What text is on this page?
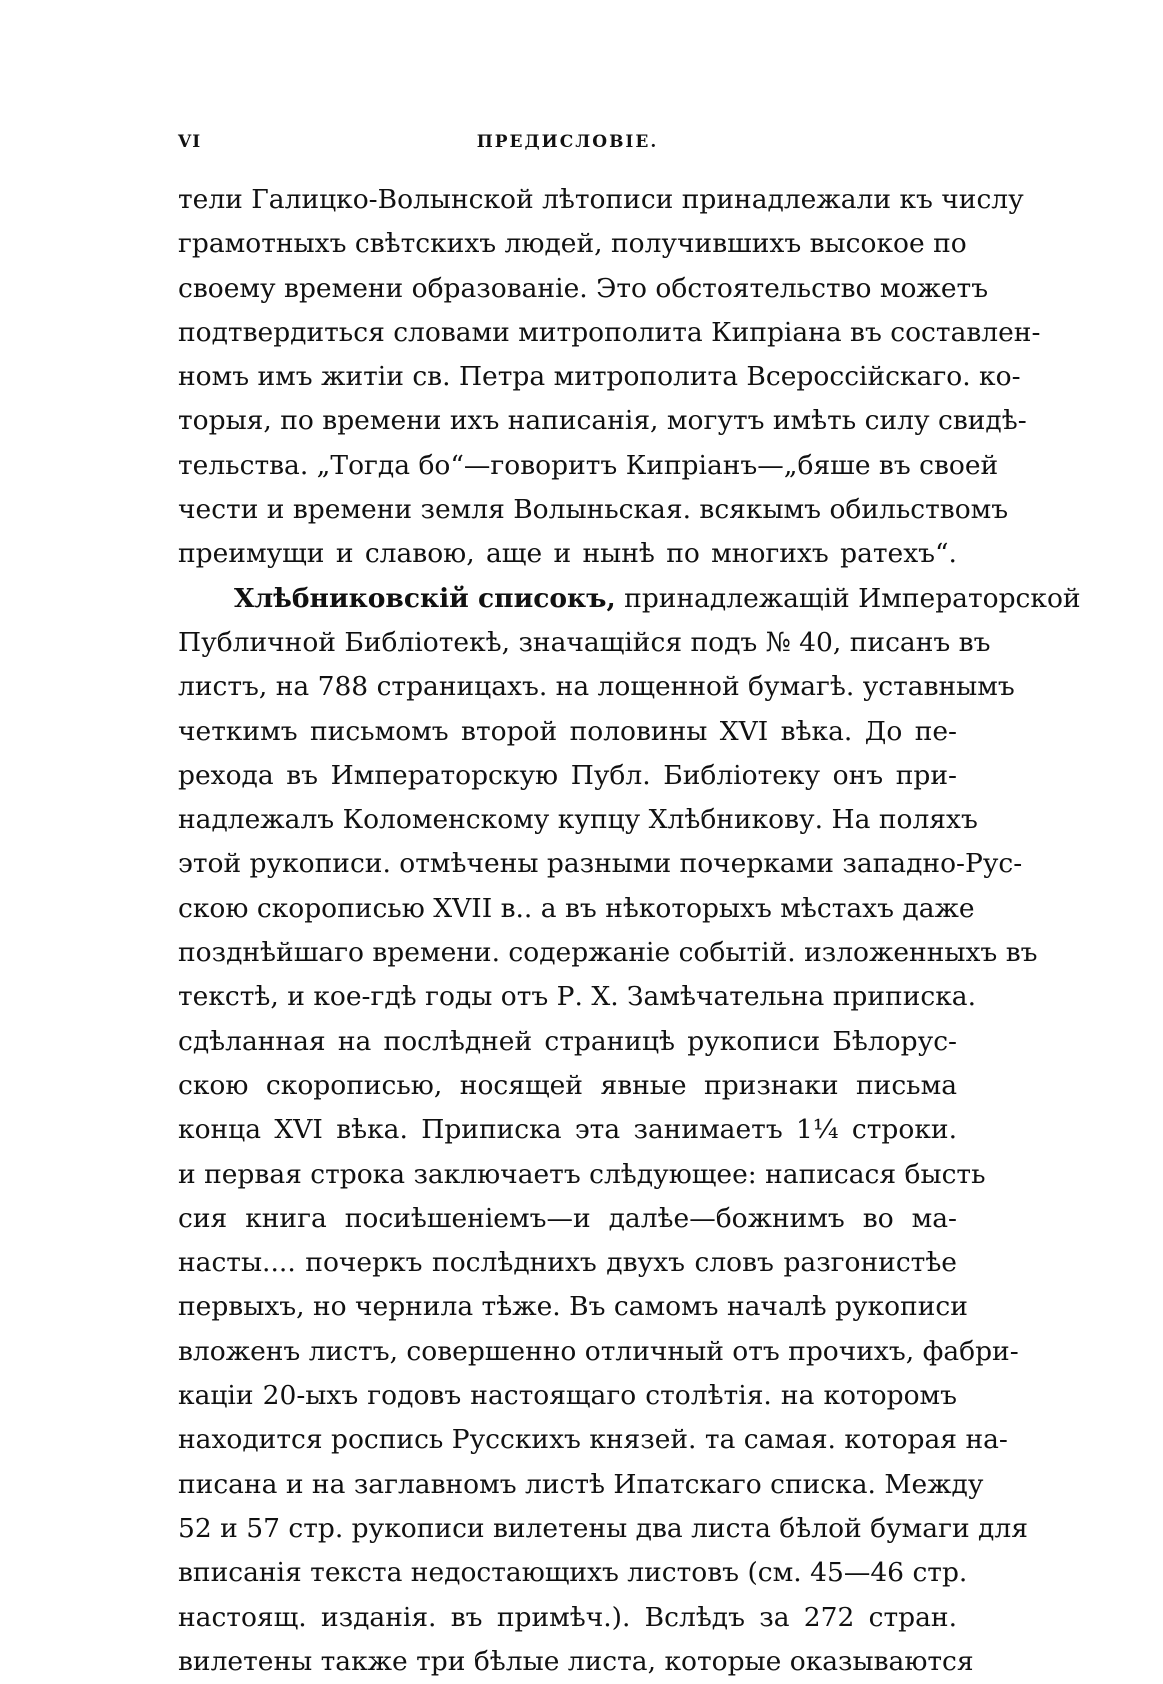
VI	ПРЕДИСЛОВІЕ.
тели Галицко-Волынской лѣтописи принадлежали къ числу
грамотныхъ свѣтскихъ людей, получившихъ высокое по
своему времени образованіе. Это обстоятельство можетъ
подтвердиться словами митрополита Кипріана въ составлен-
номъ имъ житіи св. Петра митрополита Всероссійскаго. ко-
торыя, по времени ихъ написанія, могутъ имѣть силу свидѣ-
тельства. „Тогда бо“—говоритъ Кипріанъ—„бяше въ своей
чести и времени земля Волыньская. всякымъ обильствомъ
преимущи и славою, аще и нынѣ по многихъ ратехъ“.
Хлѣбниковскій списокъ, принадлежащій Императорской
Публичной Библіотекѣ, значащійся подъ № 40, писанъ въ
листъ, на 788 страницахъ. на лощенной бумагѣ. уставнымъ
четкимъ письмомъ второй половины XVI вѣка. До пе-
рехода въ Императорскую Публ. Библіотеку онъ при-
надлежалъ Коломенскому купцу Хлѣбникову. На поляхъ
этой рукописи. отмѣчены разными почерками западно-Рус-
скою скорописью XVII в.. а въ нѣкоторыхъ мѣстахъ даже
позднѣйшаго времени. содержаніе событій. изложенныхъ въ
текстѣ, и кое-гдѣ годы отъ Р. Х. Замѣчательна приписка.
сдѣланная на послѣдней страницѣ рукописи Бѣлорус-
скою скорописью, носящей явные признаки письма
конца XVI вѣка. Приписка эта занимаетъ 1¼ строки.
и первая строка заключаетъ слѣдующее: написася бысть
сия книга посиѣшеніемъ—и далѣе—божнимъ во ма-
насты.... почеркъ послѣднихъ двухъ словъ разгонистѣе
первыхъ, но чернила тѣже. Въ самомъ началѣ рукописи
вложенъ листъ, совершенно отличный отъ прочихъ, фабри-
каціи 20-ыхъ годовъ настоящаго столѣтія. на которомъ
находится роспись Русскихъ князей. та самая. которая на-
писана и на заглавномъ листѣ Ипатскаго списка. Между
52 и 57 стр. рукописи вилетены два листа бѣлой бумаги для
вписанія текста недостающихъ листовъ (см. 45—46 стр.
настоящ. изданія. въ примѣч.). Вслѣдъ за 272 стран.
вилетены также три бѣлые листа, которые оказываются
